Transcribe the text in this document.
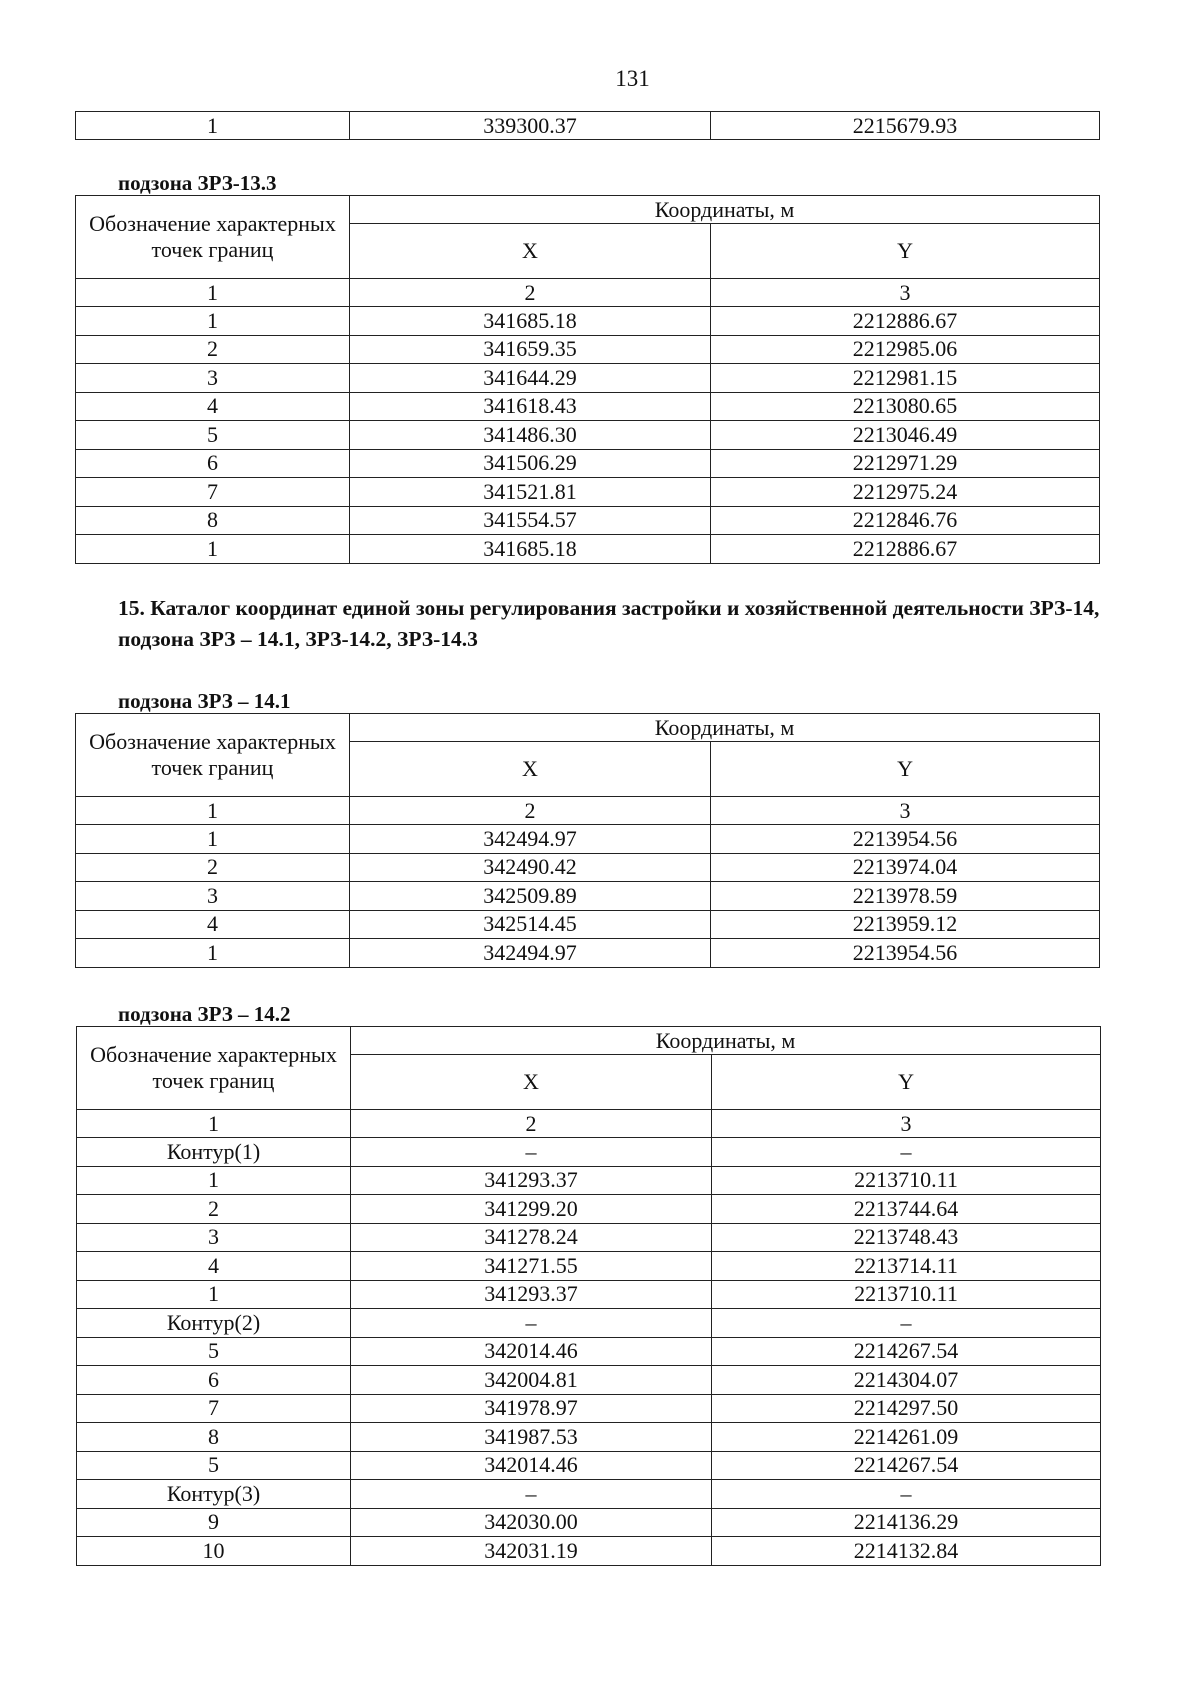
131
1	339300.37	2215679.93
подзона ЗРЗ-13.3
Обозначение характерных точек границ	Координаты, м	
	X	Y
1	2	3
1	341685.18	2212886.67
2	341659.35	2212985.06
3	341644.29	2212981.15
4	341618.43	2213080.65
5	341486.30	2213046.49
6	341506.29	2212971.29
7	341521.81	2212975.24
8	341554.57	2212846.76
1	341685.18	2212886.67
15. Каталог координат единой зоны регулирования застройки и хозяйственной деятельности ЗРЗ-14, подзона ЗРЗ – 14.1, ЗРЗ-14.2, ЗРЗ-14.3
подзона ЗРЗ – 14.1
Обозначение характерных точек границ	Координаты, м	
	X	Y
1	2	3
1	342494.97	2213954.56
2	342490.42	2213974.04
3	342509.89	2213978.59
4	342514.45	2213959.12
1	342494.97	2213954.56
подзона ЗРЗ – 14.2
Обозначение характерных точек границ	Координаты, м	
	X	Y
1	2	3
Контур(1)	–	–
1	341293.37	2213710.11
2	341299.20	2213744.64
3	341278.24	2213748.43
4	341271.55	2213714.11
1	341293.37	2213710.11
Контур(2)	–	–
5	342014.46	2214267.54
6	342004.81	2214304.07
7	341978.97	2214297.50
8	341987.53	2214261.09
5	342014.46	2214267.54
Контур(3)	–	–
9	342030.00	2214136.29
10	342031.19	2214132.84
